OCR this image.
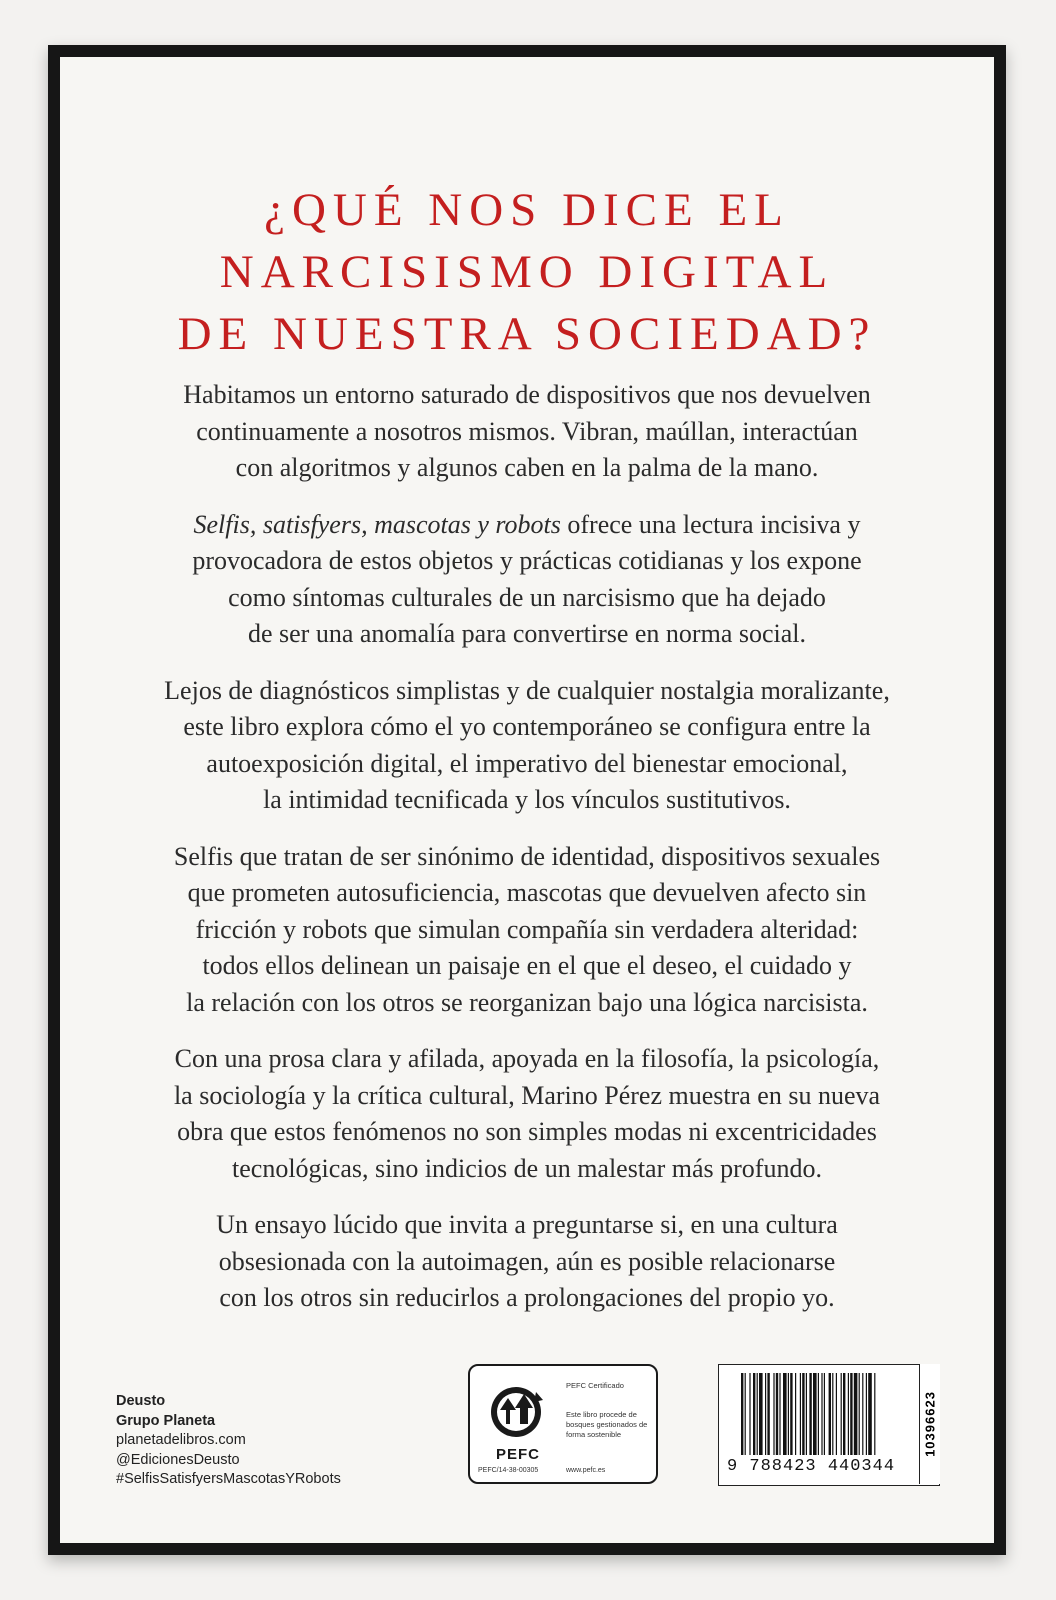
¿QUÉ NOS DICE EL
NARCISISMO DIGITAL
DE NUESTRA SOCIEDAD?

Habitamos un entorno saturado de dispositivos que nos devuelven
continuamente a nosotros mismos. Vibran, maúllan, interactúan
con algoritmos y algunos caben en la palma de la mano.

Selfis, satisfyers, mascotas y robots ofrece una lectura incisiva y
provocadora de estos objetos y prácticas cotidianas y los expone
como síntomas culturales de un narcisismo que ha dejado
de ser una anomalía para convertirse en norma social.

Lejos de diagnósticos simplistas y de cualquier nostalgia moralizante,
este libro explora cómo el yo contemporáneo se configura entre la
autoexposición digital, el imperativo del bienestar emocional,
la intimidad tecnificada y los vínculos sustitutivos.

Selfis que tratan de ser sinónimo de identidad, dispositivos sexuales
que prometen autosuficiencia, mascotas que devuelven afecto sin
fricción y robots que simulan compañía sin verdadera alteridad:
todos ellos delinean un paisaje en el que el deseo, el cuidado y
la relación con los otros se reorganizan bajo una lógica narcisista.

Con una prosa clara y afilada, apoyada en la filosofía, la psicología,
la sociología y la crítica cultural, Marino Pérez muestra en su nueva
obra que estos fenómenos no son simples modas ni excentricidades
tecnológicas, sino indicios de un malestar más profundo.

Un ensayo lúcido que invita a preguntarse si, en una cultura
obsesionada con la autoimagen, aún es posible relacionarse
con los otros sin reducirlos a prolongaciones del propio yo.

Deusto
Grupo Planeta
planetadelibros.com
@EdicionesDeusto
#SelfisSatisfyersMascotasYRobots
PEFC
PEFC/14-38-00305
PEFC Certificado
Este libro procede de bosques gestionados de forma sostenible
www.pefc.es	9 788423 440344
10396623
